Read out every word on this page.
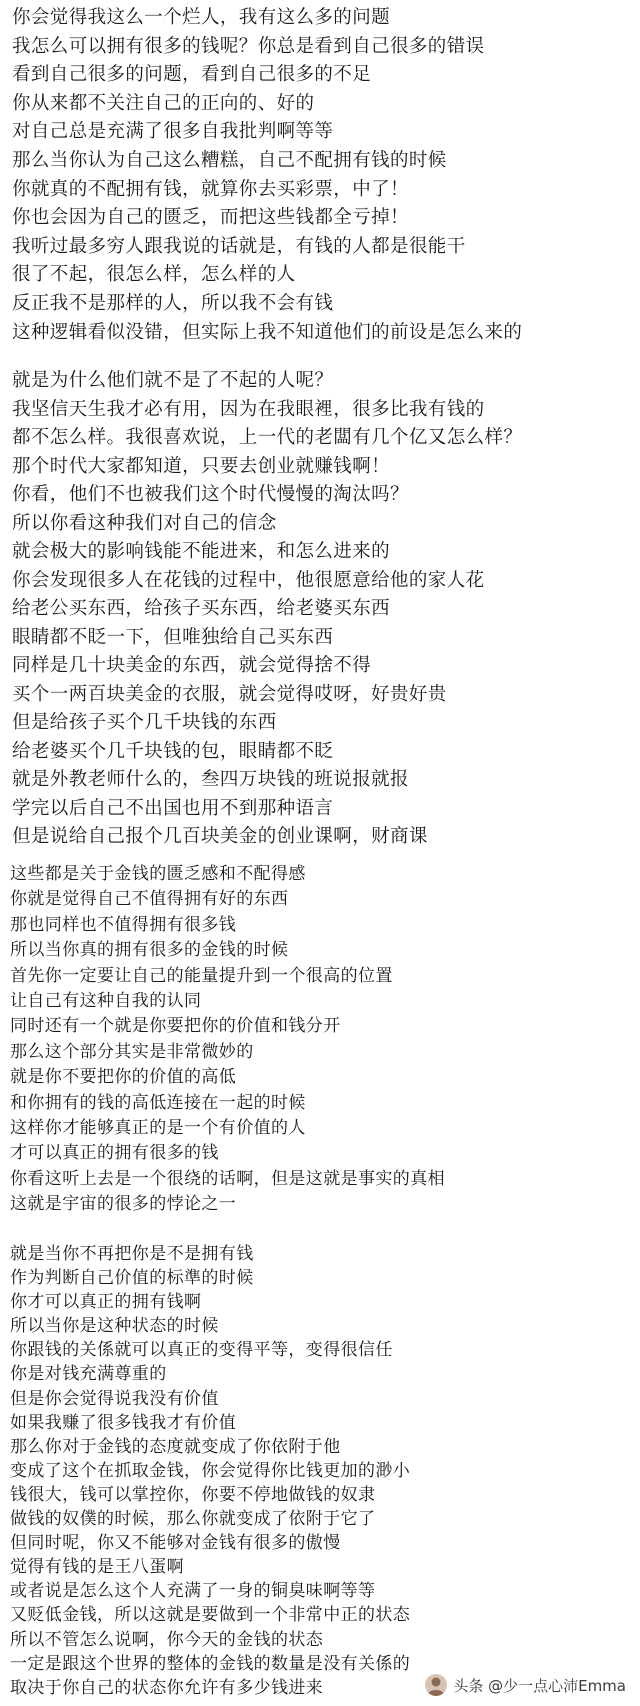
你会觉得我这么一个烂人，我有这么多的问题
我怎么可以拥有很多的钱呢？你总是看到自己很多的错误
看到自己很多的问题，看到自己很多的不足
你从来都不关注自己的正向的、好的
对自己总是充满了很多自我批判啊等等
那么当你认为自己这么糟糕，自己不配拥有钱的时候
你就真的不配拥有钱，就算你去买彩票，中了！
你也会因为自己的匮乏，而把这些钱都全亏掉！
我听过最多穷人跟我说的话就是，有钱的人都是很能干
很了不起，很怎么样，怎么样的人
反正我不是那样的人，所以我不会有钱
这种逻辑看似没错，但实际上我不知道他们的前设是怎么来的
就是为什么他们就不是了不起的人呢？
我坚信天生我才必有用，因为在我眼裡，很多比我有钱的
都不怎么样。我很喜欢说，上一代的老闆有几个亿又怎么样？
那个时代大家都知道，只要去创业就赚钱啊！
你看，他们不也被我们这个时代慢慢的淘汰吗？
所以你看这种我们对自己的信念
就会极大的影响钱能不能进来，和怎么进来的
你会发现很多人在花钱的过程中，他很愿意给他的家人花
给老公买东西，给孩子买东西，给老婆买东西
眼睛都不眨一下，但唯独给自己买东西
同样是几十块美金的东西，就会觉得捨不得
买个一两百块美金的衣服，就会觉得哎呀，好贵好贵
但是给孩子买个几千块钱的东西
给老婆买个几千块钱的包，眼睛都不眨
就是外教老师什么的，叁四万块钱的班说报就报
学完以后自己不出国也用不到那种语言
但是说给自己报个几百块美金的创业课啊，财商课
这些都是关于金钱的匮乏感和不配得感
你就是觉得自己不值得拥有好的东西
那也同样也不值得拥有很多钱
所以当你真的拥有很多的金钱的时候
首先你一定要让自己的能量提升到一个很高的位置
让自己有这种自我的认同
同时还有一个就是你要把你的价值和钱分开
那么这个部分其实是非常微妙的
就是你不要把你的价值的高低
和你拥有的钱的高低连接在一起的时候
这样你才能够真正的是一个有价值的人
才可以真正的拥有很多的钱
你看这听上去是一个很绕的话啊，但是这就是事实的真相
这就是宇宙的很多的悖论之一
就是当你不再把你是不是拥有钱
作为判断自己价值的标準的时候
你才可以真正的拥有钱啊
所以当你是这种状态的时候
你跟钱的关係就可以真正的变得平等，变得很信任
你是对钱充满尊重的
但是你会觉得说我没有价值
如果我赚了很多钱我才有价值
那么你对于金钱的态度就变成了你依附于他
变成了这个在抓取金钱，你会觉得你比钱更加的渺小
钱很大，钱可以掌控你，你要不停地做钱的奴隶
做钱的奴僕的时候，那么你就变成了依附于它了
但同时呢，你又不能够对金钱有很多的傲慢
觉得有钱的是王八蛋啊
或者说是怎么这个人充满了一身的铜臭味啊等等
又贬低金钱，所以这就是要做到一个非常中正的状态
所以不管怎么说啊，你今天的金钱的状态
一定是跟这个世界的整体的金钱的数量是没有关係的
取决于你自己的状态你允许有多少钱进来	头条 @少一点心沛Emma
